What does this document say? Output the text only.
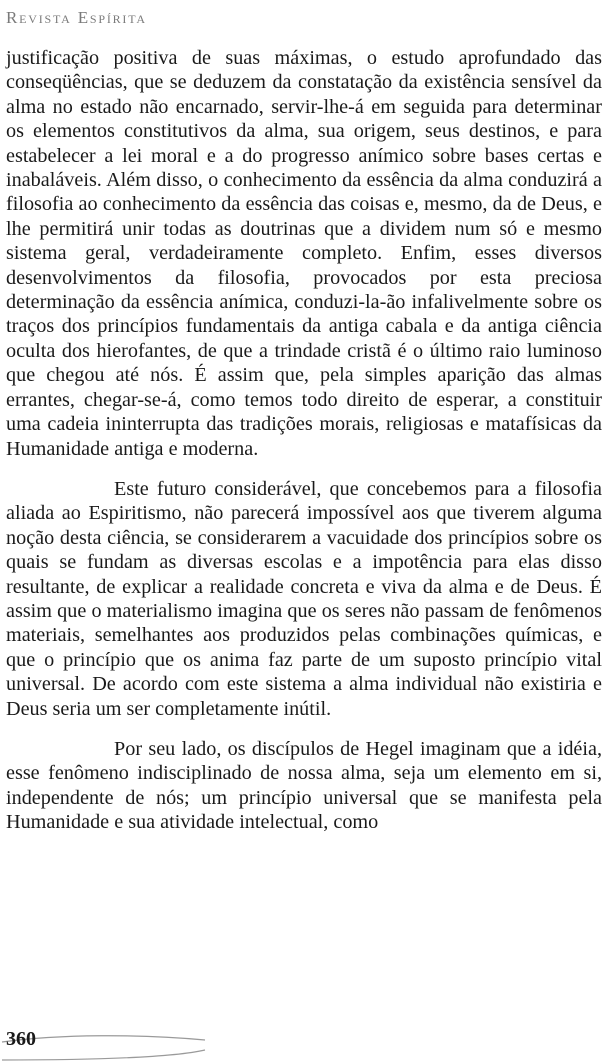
Revista Espírita

justificação positiva de suas máximas, o estudo aprofundado das conseqüências, que se deduzem da constatação da existência sensível da alma no estado não encarnado, servir-lhe-á em seguida para determinar os elementos constitutivos da alma, sua origem, seus destinos, e para estabelecer a lei moral e a do progresso anímico sobre bases certas e inabaláveis. Além disso, o conhecimento da essência da alma conduzirá a filosofia ao conhecimento da essência das coisas e, mesmo, da de Deus, e lhe permitirá unir todas as doutrinas que a dividem num só e mesmo sistema geral, verdadeiramente completo. Enfim, esses diversos desenvolvimentos da filosofia, provocados por esta preciosa determinação da essência anímica, conduzi-la-ão infalivelmente sobre os traços dos princípios fundamentais da antiga cabala e da antiga ciência oculta dos hierofantes, de que a trindade cristã é o último raio luminoso que chegou até nós. É assim que, pela simples aparição das almas errantes, chegar-se-á, como temos todo direito de esperar, a constituir uma cadeia ininterrupta das tradições morais, religiosas e matafísicas da Humanidade antiga e moderna.

Este futuro considerável, que concebemos para a filosofia aliada ao Espiritismo, não parecerá impossível aos que tiverem alguma noção desta ciência, se considerarem a vacuidade dos princípios sobre os quais se fundam as diversas escolas e a impotência para elas disso resultante, de explicar a realidade concreta e viva da alma e de Deus. É assim que o materialismo imagina que os seres não passam de fenômenos materiais, semelhantes aos produzidos pelas combinações químicas, e que o princípio que os anima faz parte de um suposto princípio vital universal. De acordo com este sistema a alma individual não existiria e Deus seria um ser completamente inútil.

Por seu lado, os discípulos de Hegel imaginam que a idéia, esse fenômeno indisciplinado de nossa alma, seja um elemento em si, independente de nós; um princípio universal que se manifesta pela Humanidade e sua atividade intelectual, como

360
